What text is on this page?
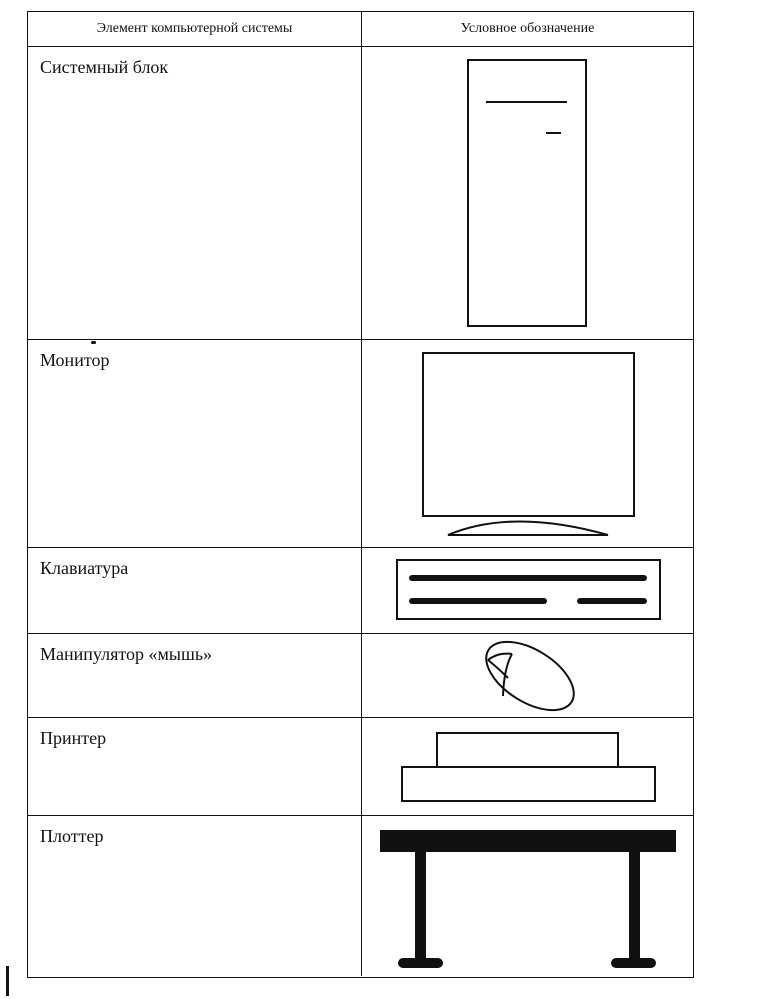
Элемент компьютерной системы	Условное обозначение
Системный блок
Монитор
Клавиатура
Манипулятор «мышь»
Принтер
Плоттер
